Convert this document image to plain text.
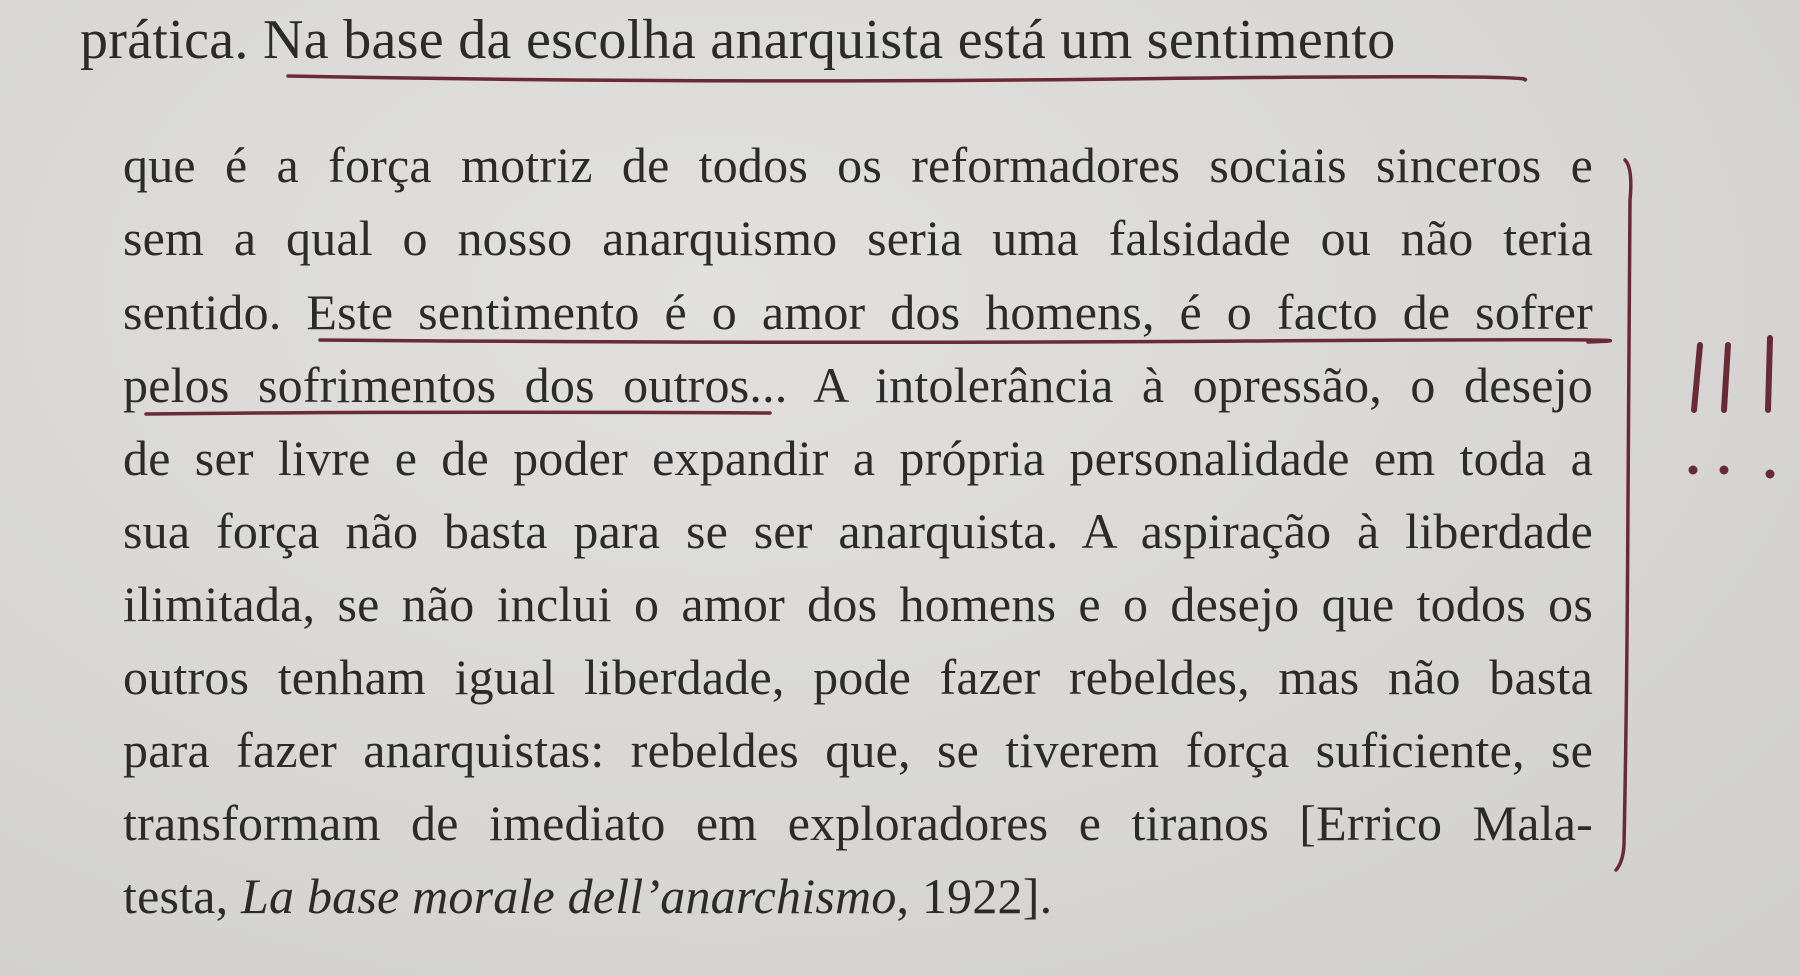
prática. Na base da escolha anarquista está um sentimento
que é a força motriz de todos os reformadores sociais sinceros e
sem a qual o nosso anarquismo seria uma falsidade ou não teria
sentido. Este sentimento é o amor dos homens, é o facto de sofrer
pelos sofrimentos dos outros... A intolerância à opressão, o desejo
de ser livre e de poder expandir a própria personalidade em toda a
sua força não basta para se ser anarquista. A aspiração à liberdade
ilimitada, se não inclui o amor dos homens e o desejo que todos os
outros tenham igual liberdade, pode fazer rebeldes, mas não basta
para fazer anarquistas: rebeldes que, se tiverem força suficiente, se
transformam de imediato em exploradores e tiranos [Errico Mala-
testa, La base morale dell’anarchismo, 1922].
